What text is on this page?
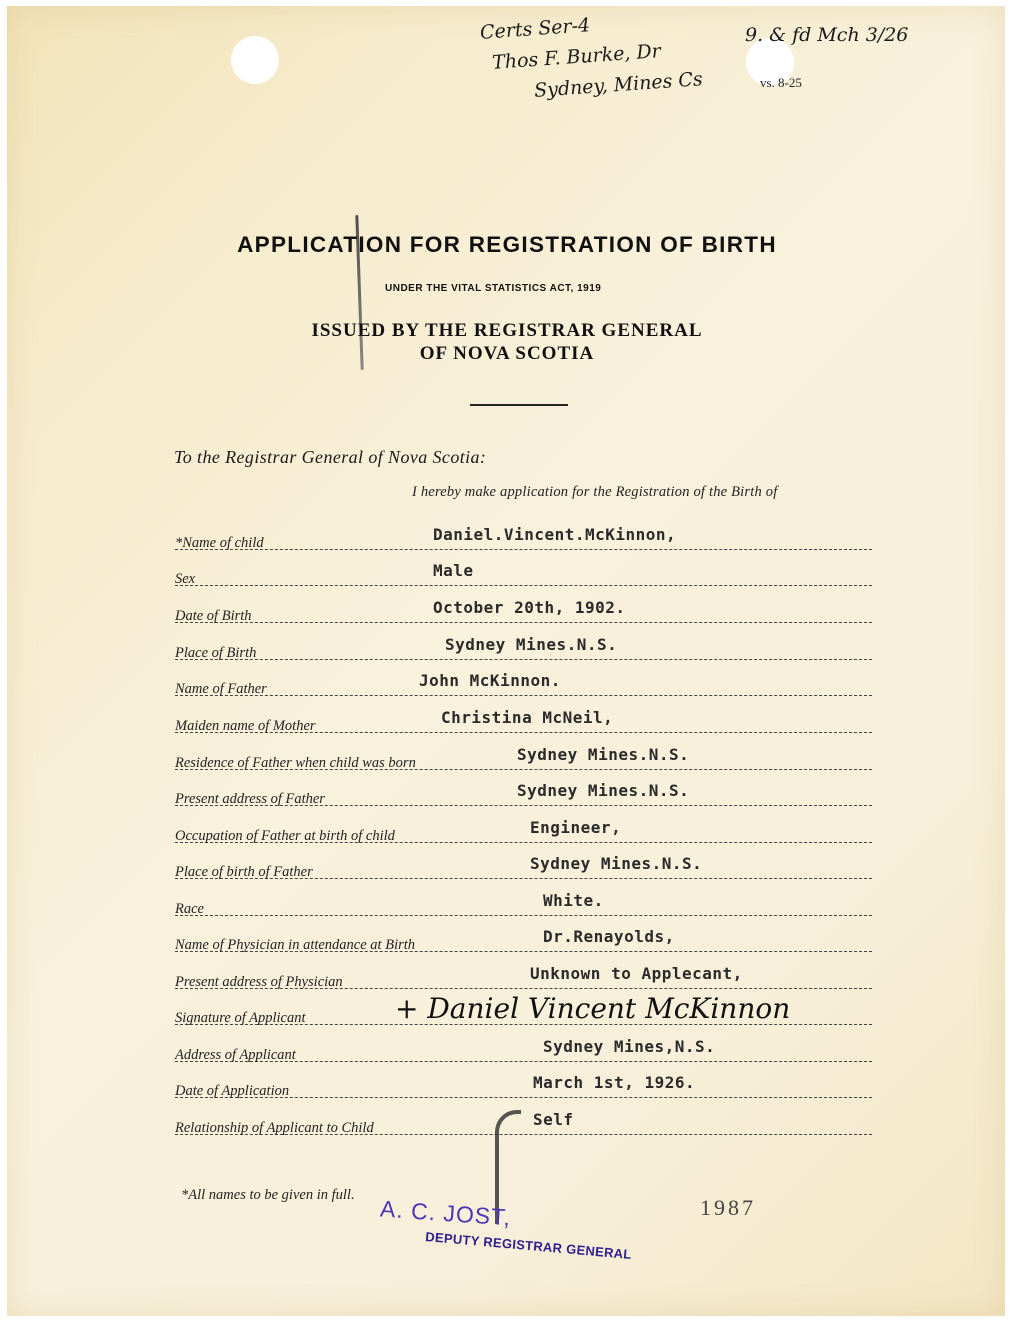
Certs Ser-4
Thos F. Burke, Dr
Sydney, Mines Cs
9. & fd Mch 3/26
vs. 8-25
APPLICATION FOR REGISTRATION OF BIRTH
UNDER THE VITAL STATISTICS ACT, 1919
ISSUED BY THE REGISTRAR GENERAL
OF NOVA SCOTIA
To the Registrar General of Nova Scotia:
I hereby make application for the Registration of the Birth of
*Name of child	Daniel.Vincent.McKinnon,
Sex	Male
Date of Birth	October 20th, 1902.
Place of Birth	Sydney Mines.N.S.
Name of Father	John McKinnon.
Maiden name of Mother	Christina McNeil,
Residence of Father when child was born	Sydney Mines.N.S.
Present address of Father	Sydney Mines.N.S.
Occupation of Father at birth of child	Engineer,
Place of birth of Father	Sydney Mines.N.S.
Race	White.
Name of Physician in attendance at Birth	Dr.Renayolds,
Present address of Physician	Unknown to Applecant,
Signature of Applicant	+ Daniel Vincent McKinnon
Address of Applicant	Sydney Mines,N.S.
Date of Application	March 1st, 1926.
Relationship of Applicant to Child	Self
*All names to be given in full.
A. C. JOST,
DEPUTY REGISTRAR GENERAL
1987
